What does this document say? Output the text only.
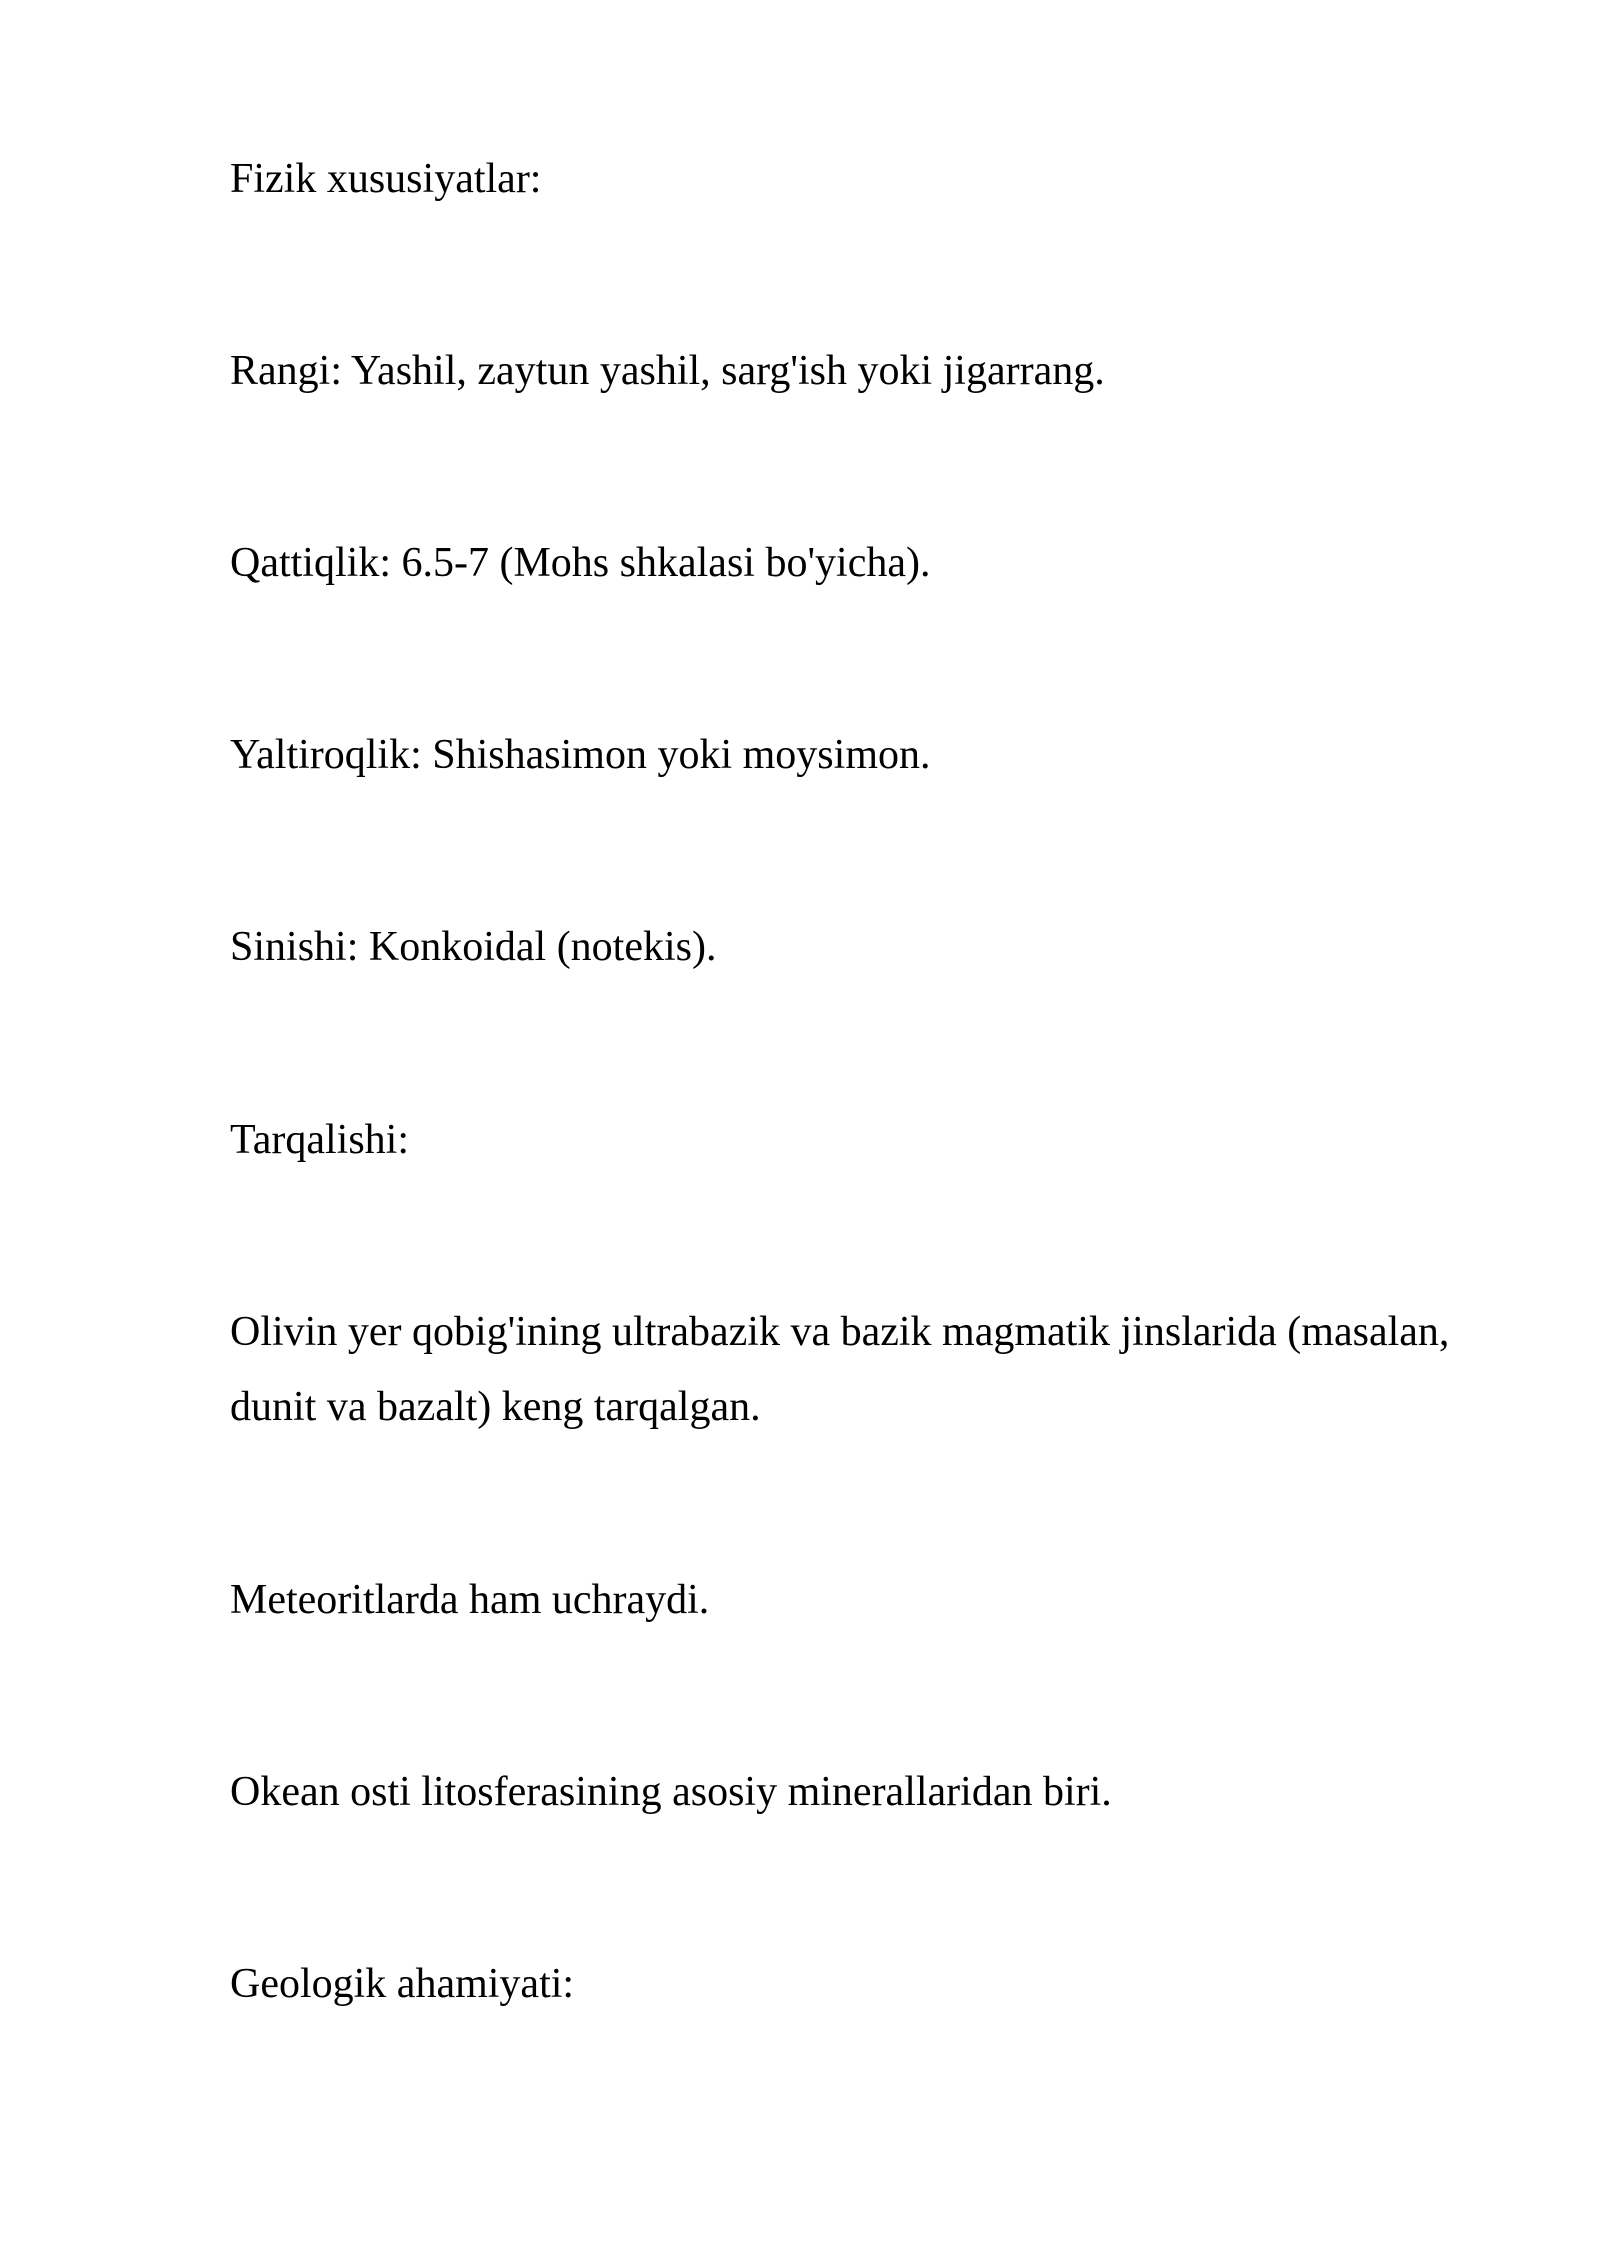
Fizik xususiyatlar:

Rangi: Yashil, zaytun yashil, sarg'ish yoki jigarrang.

Qattiqlik: 6.5-7 (Mohs shkalasi bo'yicha).

Yaltiroqlik: Shishasimon yoki moysimon.

Sinishi: Konkoidal (notekis).

Tarqalishi:

Olivin yer qobig'ining ultrabazik va bazik magmatik jinslarida (masalan, dunit va bazalt) keng tarqalgan.

Meteoritlarda ham uchraydi.

Okean osti litosferasining asosiy minerallaridan biri.

Geologik ahamiyati:
